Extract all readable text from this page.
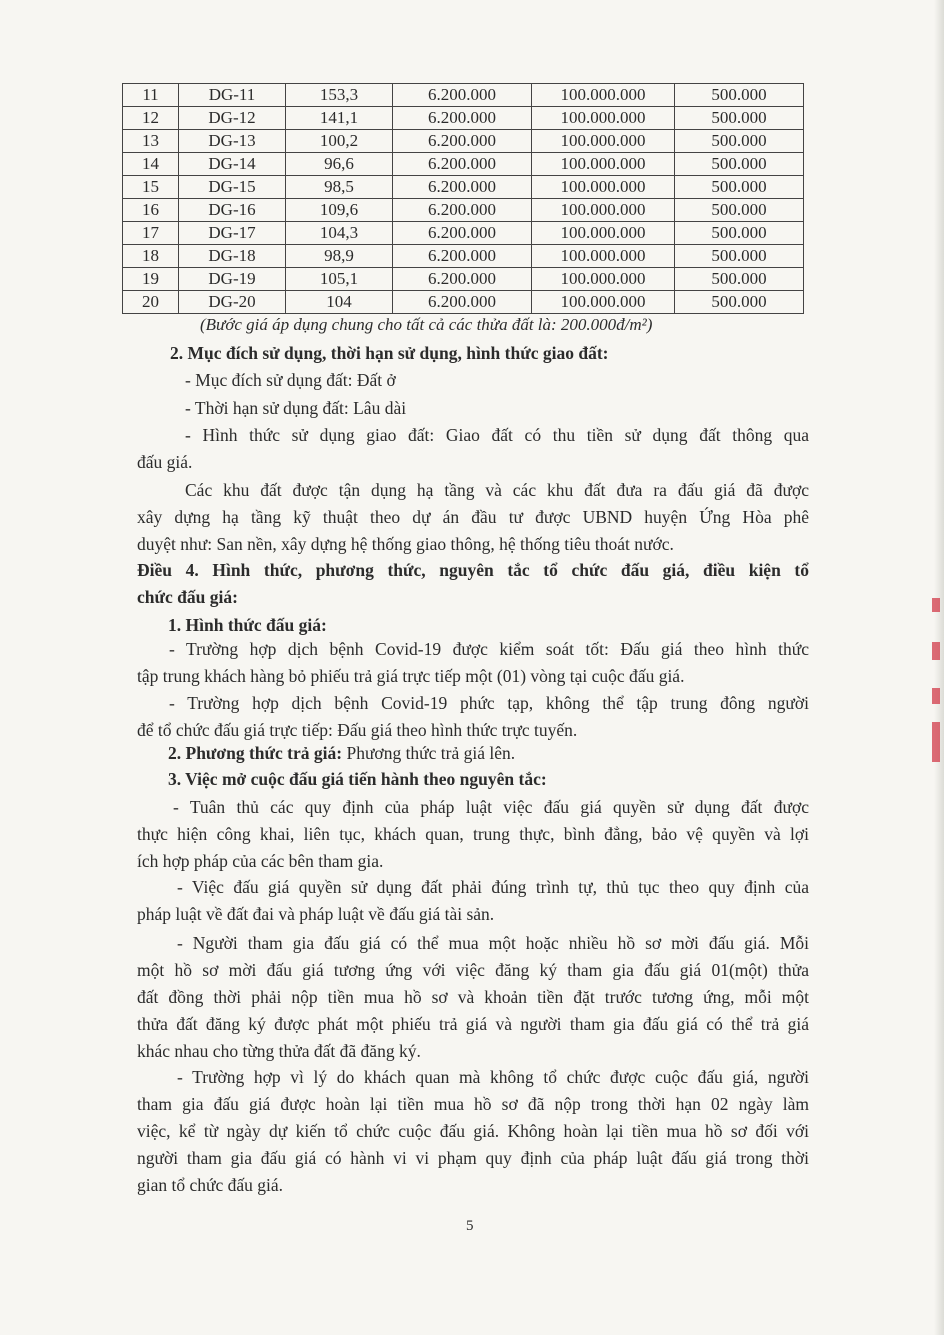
11	DG-11	153,3	6.200.000	100.000.000	500.000
12	DG-12	141,1	6.200.000	100.000.000	500.000
13	DG-13	100,2	6.200.000	100.000.000	500.000
14	DG-14	96,6	6.200.000	100.000.000	500.000
15	DG-15	98,5	6.200.000	100.000.000	500.000
16	DG-16	109,6	6.200.000	100.000.000	500.000
17	DG-17	104,3	6.200.000	100.000.000	500.000
18	DG-18	98,9	6.200.000	100.000.000	500.000
19	DG-19	105,1	6.200.000	100.000.000	500.000
20	DG-20	104	6.200.000	100.000.000	500.000
(Bước giá áp dụng chung cho tất cả các thửa đất là: 200.000đ/m²)
2. Mục đích sử dụng, thời hạn sử dụng, hình thức giao đất:
- Mục đích sử dụng đất: Đất ở
- Thời hạn sử dụng đất: Lâu dài
- Hình thức sử dụng giao đất: Giao đất có thu tiền sử dụng đất thông qua
đấu giá.
Các khu đất được tận dụng hạ tầng và các khu đất đưa ra đấu giá đã được
xây dựng hạ tầng kỹ thuật theo dự án đầu tư được UBND huyện Ứng Hòa phê
duyệt như: San nền, xây dựng hệ thống giao thông, hệ thống tiêu thoát nước.
Điều 4. Hình thức, phương thức, nguyên tắc tổ chức đấu giá, điều kiện tổ
chức đấu giá:
1. Hình thức đấu giá:
- Trường hợp dịch bệnh Covid-19 được kiểm soát tốt: Đấu giá theo hình thức
tập trung khách hàng bỏ phiếu trả giá trực tiếp một (01) vòng tại cuộc đấu giá.
- Trường hợp dịch bệnh Covid-19 phức tạp, không thể tập trung đông người
để tổ chức đấu giá trực tiếp: Đấu giá theo hình thức trực tuyến.
2. Phương thức trả giá: Phương thức trả giá lên.
3. Việc mở cuộc đấu giá tiến hành theo nguyên tắc:
- Tuân thủ các quy định của pháp luật việc đấu giá quyền sử dụng đất được
thực hiện công khai, liên tục, khách quan, trung thực, bình đẳng, bảo vệ quyền và lợi
ích hợp pháp của các bên tham gia.
- Việc đấu giá quyền sử dụng đất phải đúng trình tự, thủ tục theo quy định của
pháp luật về đất đai và pháp luật về đấu giá tài sản.
- Người tham gia đấu giá có thể mua một hoặc nhiều hồ sơ mời đấu giá. Mỗi
một hồ sơ mời đấu giá tương ứng với việc đăng ký tham gia đấu giá 01(một) thửa
đất đồng thời phải nộp tiền mua hồ sơ và khoản tiền đặt trước tương ứng, mỗi một
thửa đất đăng ký được phát một phiếu trả giá và người tham gia đấu giá có thể trả giá
khác nhau cho từng thửa đất đã đăng ký.
- Trường hợp vì lý do khách quan mà không tổ chức được cuộc đấu giá, người
tham gia đấu giá được hoàn lại tiền mua hồ sơ đã nộp trong thời hạn 02 ngày làm
việc, kể từ ngày dự kiến tổ chức cuộc đấu giá. Không hoàn lại tiền mua hồ sơ đối với
người tham gia đấu giá có hành vi vi phạm quy định của pháp luật đấu giá trong thời
gian tổ chức đấu giá.
5
